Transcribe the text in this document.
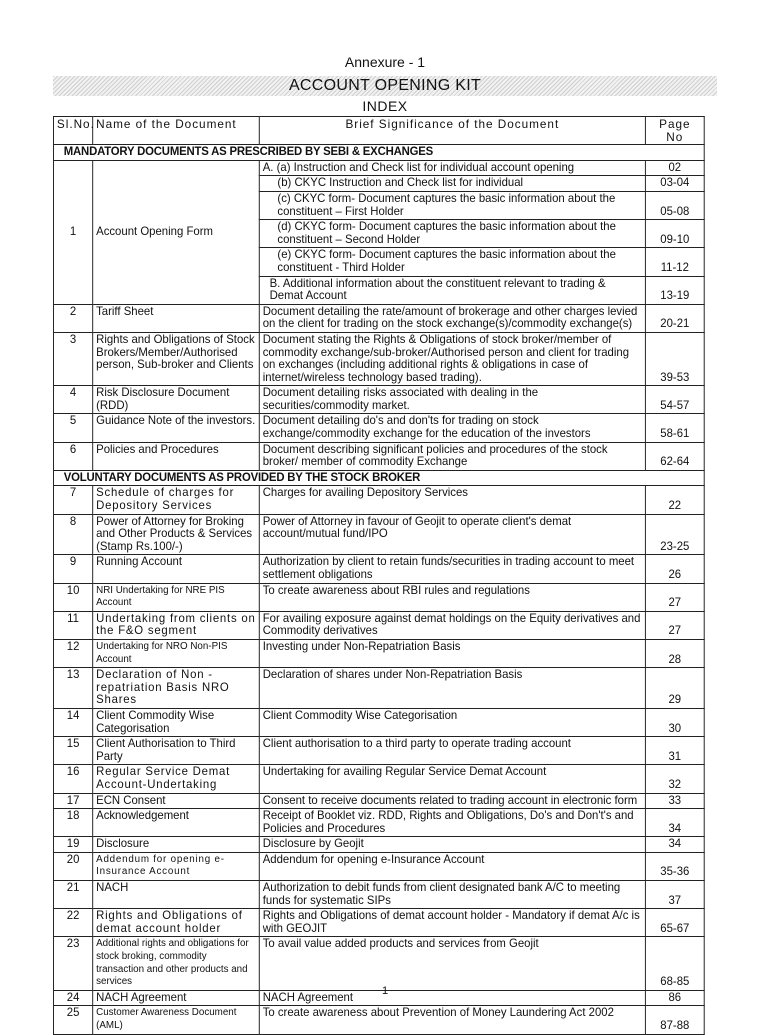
Annexure - 1
ACCOUNT OPENING KIT
INDEX
Sl.No.	Name of the Document	Brief Significance of the Document	Page No
MANDATORY DOCUMENTS AS PRESCRIBED BY SEBI & EXCHANGES			
1	Account Opening Form	A. (a) Instruction and Check list for individual account opening	02
		(b) CKYC Instruction and Check list for individual	03-04
		(c) CKYC form- Document captures the basic information about the constituent – First Holder	05-08
		(d) CKYC form- Document captures the basic information about the constituent – Second Holder	09-10
		(e) CKYC form- Document captures the basic information about the constituent - Third Holder	11-12
		B. Additional information about the constituent relevant to trading & Demat Account	13-19
2	Tariff Sheet	Document detailing the rate/amount of brokerage and other charges levied on the client for trading on the stock exchange(s)/commodity exchange(s)	20-21
3	Rights and Obligations of Stock Brokers/Member/Authorised person, Sub-broker and Clients	Document stating the Rights & Obligations of stock broker/member of commodity exchange/sub-broker/Authorised person and client for trading on exchanges (including additional rights & obligations in case of internet/wireless technology based trading).	39-53
4	Risk Disclosure Document (RDD)	Document detailing risks associated with dealing in the securities/commodity market.	54-57
5	Guidance Note of the investors.	Document detailing do's and don'ts for trading on stock exchange/commodity exchange for the education of the investors	58-61
6	Policies and Procedures	Document describing significant policies and procedures of the stock broker/ member of commodity Exchange	62-64
VOLUNTARY DOCUMENTS AS PROVIDED BY THE STOCK BROKER			
7	Schedule of charges for Depository Services	Charges for availing Depository Services	22
8	Power of Attorney for Broking and Other Products & Services (Stamp Rs.100/-)	Power of Attorney in favour of Geojit to operate client's demat account/mutual fund/IPO	23-25
9	Running Account	Authorization by client to retain funds/securities in trading account to meet settlement obligations	26
10	NRI Undertaking for NRE PIS Account	To create awareness about RBI rules and regulations	27
11	Undertaking from clients on the F&O segment	For availing exposure against demat holdings on the Equity derivatives and Commodity derivatives	27
12	Undertaking for NRO Non-PIS Account	Investing under Non-Repatriation Basis	28
13	Declaration of Non - repatriation Basis NRO Shares	Declaration of shares under Non-Repatriation Basis	29
14	Client Commodity Wise Categorisation	Client Commodity Wise Categorisation	30
15	Client Authorisation to Third Party	Client authorisation to a third party to operate trading account	31
16	Regular Service Demat Account-Undertaking	Undertaking for availing Regular Service Demat Account	32
17	ECN Consent	Consent to receive documents related to trading account in electronic form	33
18	Acknowledgement	Receipt of Booklet viz. RDD, Rights and Obligations, Do's and Don't's and Policies and Procedures	34
19	Disclosure	Disclosure by Geojit	34
20	Addendum for opening e-Insurance Account	Addendum for opening e-Insurance Account	35-36
21	NACH	Authorization to debit funds from client designated bank A/C to meeting funds for systematic SIPs	37
22	Rights and Obligations of demat account holder	Rights and Obligations of demat account holder - Mandatory if demat A/c is with GEOJIT	65-67
23	Additional rights and obligations for stock broking, commodity transaction and other products and services	To avail value added products and services from Geojit	68-85
24	NACH Agreement	NACH Agreement	86
25	Customer Awareness Document (AML)	To create awareness about Prevention of Money Laundering Act 2002	87-88
1
